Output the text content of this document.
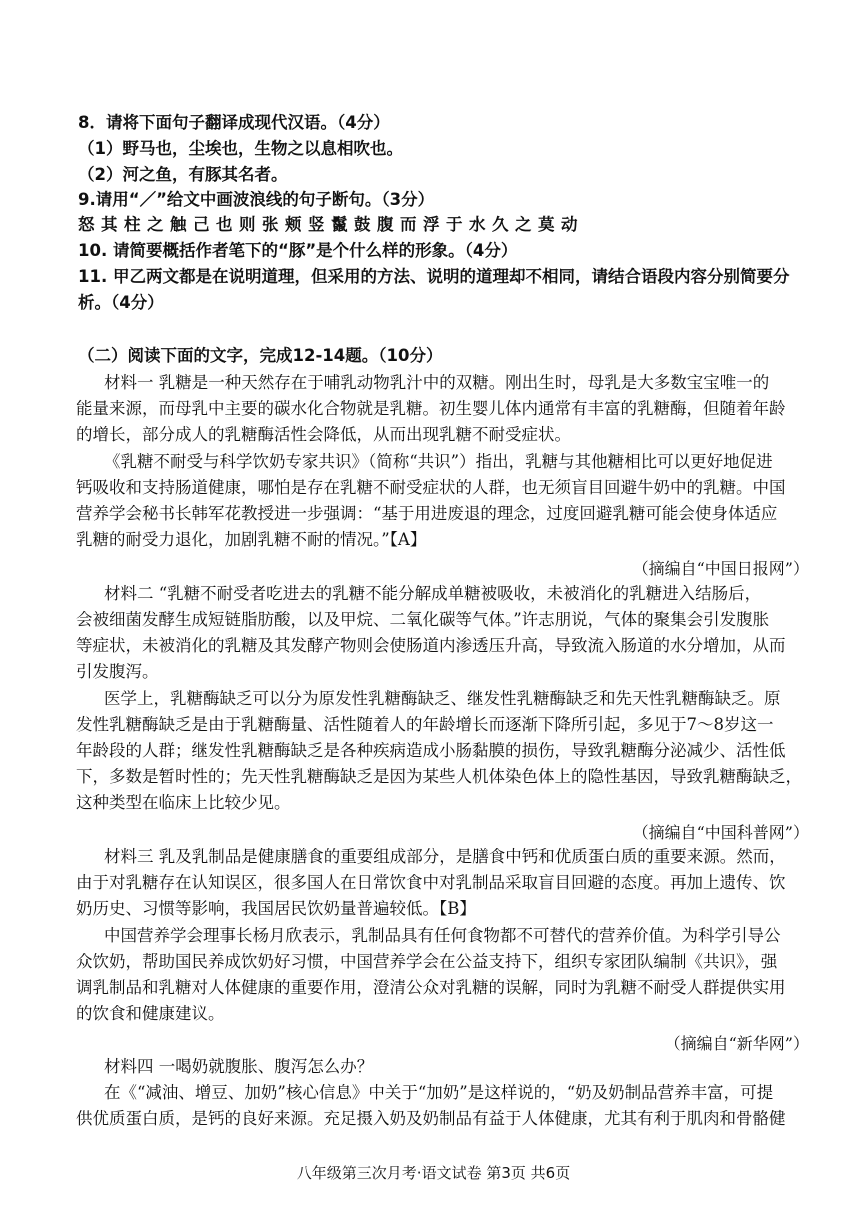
8．请将下面句子翻译成现代汉语。（4分）
（1）野马也，尘埃也，生物之以息相吹也。
（2）河之鱼，有豚其名者。
9.请用“／”给文中画波浪线的句子断句。（3分）
怒其柱之触己也则张颊竖鬣鼓腹而浮于水久之莫动
10. 请简要概括作者笔下的“豚”是个什么样的形象。（4分）
11. 甲乙两文都是在说明道理，但采用的方法、说明的道理却不相同，请结合语段内容分别简要分
析。（4分）
（二）阅读下面的文字，完成12-14题。（10分）
材料一 乳糖是一种天然存在于哺乳动物乳汁中的双糖。刚出生时，母乳是大多数宝宝唯一的
能量来源，而母乳中主要的碳水化合物就是乳糖。初生婴儿体内通常有丰富的乳糖酶，但随着年龄
的增长，部分成人的乳糖酶活性会降低，从而出现乳糖不耐受症状。
《乳糖不耐受与科学饮奶专家共识》（简称“共识”）指出，乳糖与其他糖相比可以更好地促进
钙吸收和支持肠道健康，哪怕是存在乳糖不耐受症状的人群，也无须盲目回避牛奶中的乳糖。中国
营养学会秘书长韩军花教授进一步强调：“基于用进废退的理念，过度回避乳糖可能会使身体适应
乳糖的耐受力退化，加剧乳糖不耐的情况。”【A】
（摘编自“中国日报网”）
材料二 “乳糖不耐受者吃进去的乳糖不能分解成单糖被吸收，未被消化的乳糖进入结肠后，
会被细菌发酵生成短链脂肪酸，以及甲烷、二氧化碳等气体。”许志朋说，气体的聚集会引发腹胀
等症状，未被消化的乳糖及其发酵产物则会使肠道内渗透压升高，导致流入肠道的水分增加，从而
引发腹泻。
医学上，乳糖酶缺乏可以分为原发性乳糖酶缺乏、继发性乳糖酶缺乏和先天性乳糖酶缺乏。原
发性乳糖酶缺乏是由于乳糖酶量、活性随着人的年龄增长而逐渐下降所引起，多见于7～8岁这一
年龄段的人群；继发性乳糖酶缺乏是各种疾病造成小肠黏膜的损伤，导致乳糖酶分泌减少、活性低
下，多数是暂时性的；先天性乳糖酶缺乏是因为某些人机体染色体上的隐性基因，导致乳糖酶缺乏，
这种类型在临床上比较少见。
（摘编自“中国科普网”）
材料三 乳及乳制品是健康膳食的重要组成部分，是膳食中钙和优质蛋白质的重要来源。然而，
由于对乳糖存在认知误区，很多国人在日常饮食中对乳制品采取盲目回避的态度。再加上遗传、饮
奶历史、习惯等影响，我国居民饮奶量普遍较低。【B】
中国营养学会理事长杨月欣表示，乳制品具有任何食物都不可替代的营养价值。为科学引导公
众饮奶，帮助国民养成饮奶好习惯，中国营养学会在公益支持下，组织专家团队编制《共识》，强
调乳制品和乳糖对人体健康的重要作用，澄清公众对乳糖的误解，同时为乳糖不耐受人群提供实用
的饮食和健康建议。
（摘编自“新华网”）
材料四 一喝奶就腹胀、腹泻怎么办？
在《“减油、增豆、加奶”核心信息》中关于“加奶”是这样说的，“奶及奶制品营养丰富，可提
供优质蛋白质，是钙的良好来源。充足摄入奶及奶制品有益于人体健康，尤其有利于肌肉和骨骼健
八年级第三次月考·语文试卷 第3页 共6页
